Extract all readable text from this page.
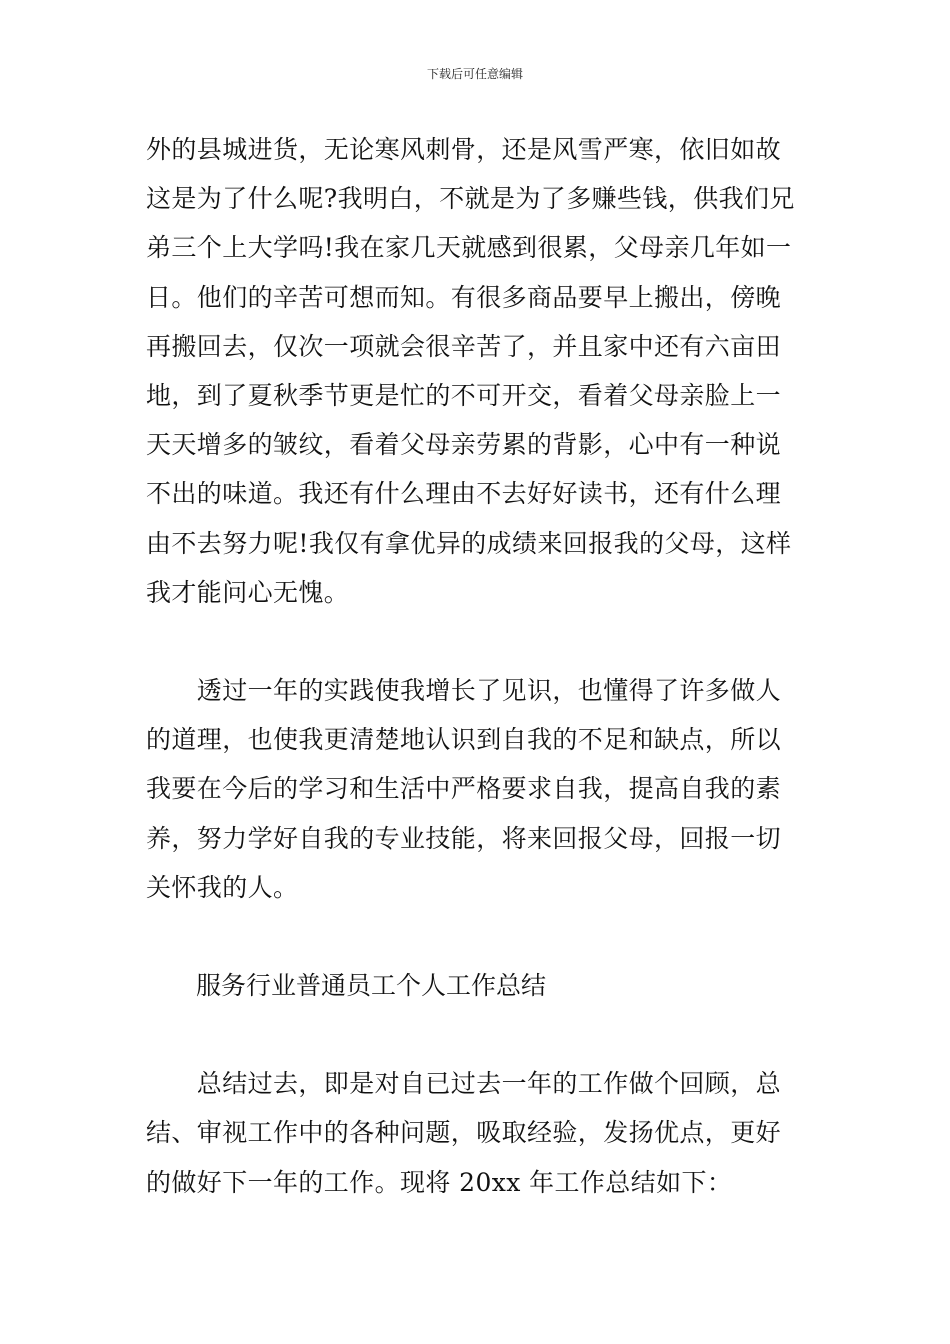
下载后可任意编辑

外的县城进货，无论寒风刺骨，还是风雪严寒，依旧如故
这是为了什么呢?我明白，不就是为了多赚些钱，供我们兄
弟三个上大学吗!我在家几天就感到很累，父母亲几年如一
日。他们的辛苦可想而知。有很多商品要早上搬出，傍晚
再搬回去，仅次一项就会很辛苦了，并且家中还有六亩田
地，到了夏秋季节更是忙的不可开交，看着父母亲脸上一
天天增多的皱纹，看着父母亲劳累的背影，心中有一种说
不出的味道。我还有什么理由不去好好读书，还有什么理
由不去努力呢!我仅有拿优异的成绩来回报我的父母，这样
我才能问心无愧。

　　透过一年的实践使我增长了见识，也懂得了许多做人
的道理，也使我更清楚地认识到自我的不足和缺点，所以
我要在今后的学习和生活中严格要求自我，提高自我的素
养，努力学好自我的专业技能，将来回报父母，回报一切
关怀我的人。

服务行业普通员工个人工作总结

　　总结过去，即是对自已过去一年的工作做个回顾，总
结、审视工作中的各种问题，吸取经验，发扬优点，更好
的做好下一年的工作。现将 20xx 年工作总结如下：
